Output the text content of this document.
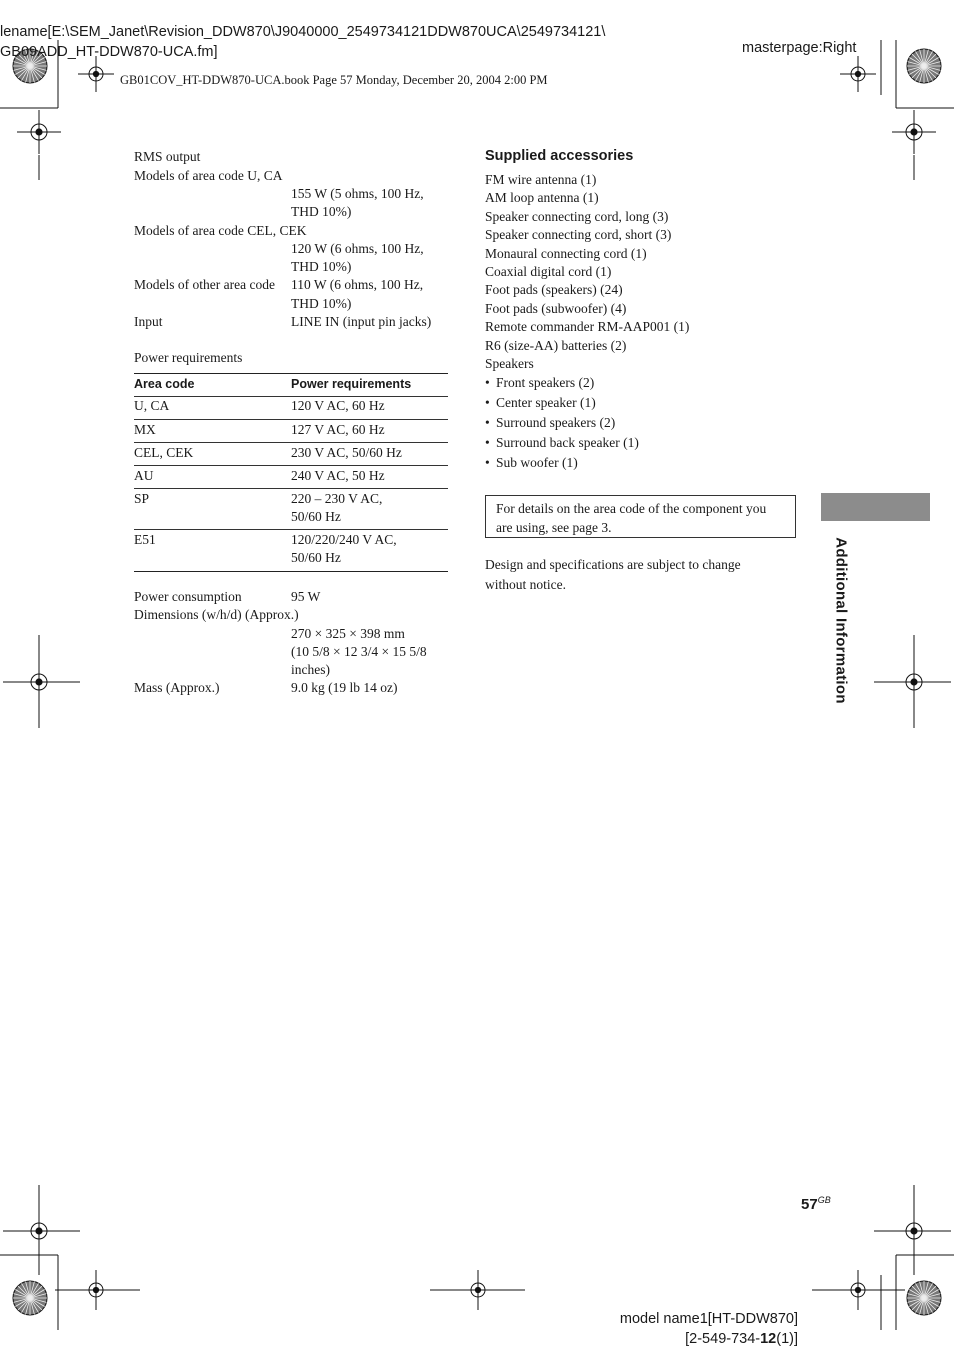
lename[E:\SEM_Janet\Revision_DDW870\J9040000_2549734121DDW870UCA\2549734121\
GB09ADD_HT-DDW870-UCA.fm]	masterpage:Right
GB01COV_HT-DDW870-UCA.book Page 57 Monday, December 20, 2004 2:00 PM
RMS output
Models of area code U, CA
155 W (5 ohms, 100 Hz,
THD 10%)
Models of area code CEL, CEK
120 W (6 ohms, 100 Hz,
THD 10%)
Models of other area code 110 W (6 ohms, 100 Hz,
THD 10%)
Input	LINE IN (input pin jacks)
Power requirements
Area code	Power requirements
U, CA	120 V AC, 60 Hz
MX	127 V AC, 60 Hz
CEL, CEK	230 V AC, 50/60 Hz
AU	240 V AC, 50 Hz
SP	220 – 230 V AC,
50/60 Hz
E51	120/220/240 V AC,
50/60 Hz
Power consumption	95 W
Dimensions (w/h/d) (Approx.)
270 × 325 × 398 mm
(10 5/8 × 12 3/4 × 15 5/8
inches)
Mass (Approx.)	9.0 kg (19 lb 14 oz)
Supplied accessories
FM wire antenna (1)
AM loop antenna (1)
Speaker connecting cord, long (3)
Speaker connecting cord, short (3)
Monaural connecting cord (1)
Coaxial digital cord (1)
Foot pads (speakers) (24)
Foot pads (subwoofer) (4)
Remote commander RM-AAP001 (1)
R6 (size-AA) batteries (2)
Speakers
• Front speakers (2)
• Center speaker (1)
• Surround speakers (2)
• Surround back speaker (1)
• Sub woofer (1)
For details on the area code of the component you are using, see page 3.
Design and specifications are subject to change without notice.	Additional Information
$57^{GB}$
model name1[HT-DDW870]
[2-549-734-12(1)]
